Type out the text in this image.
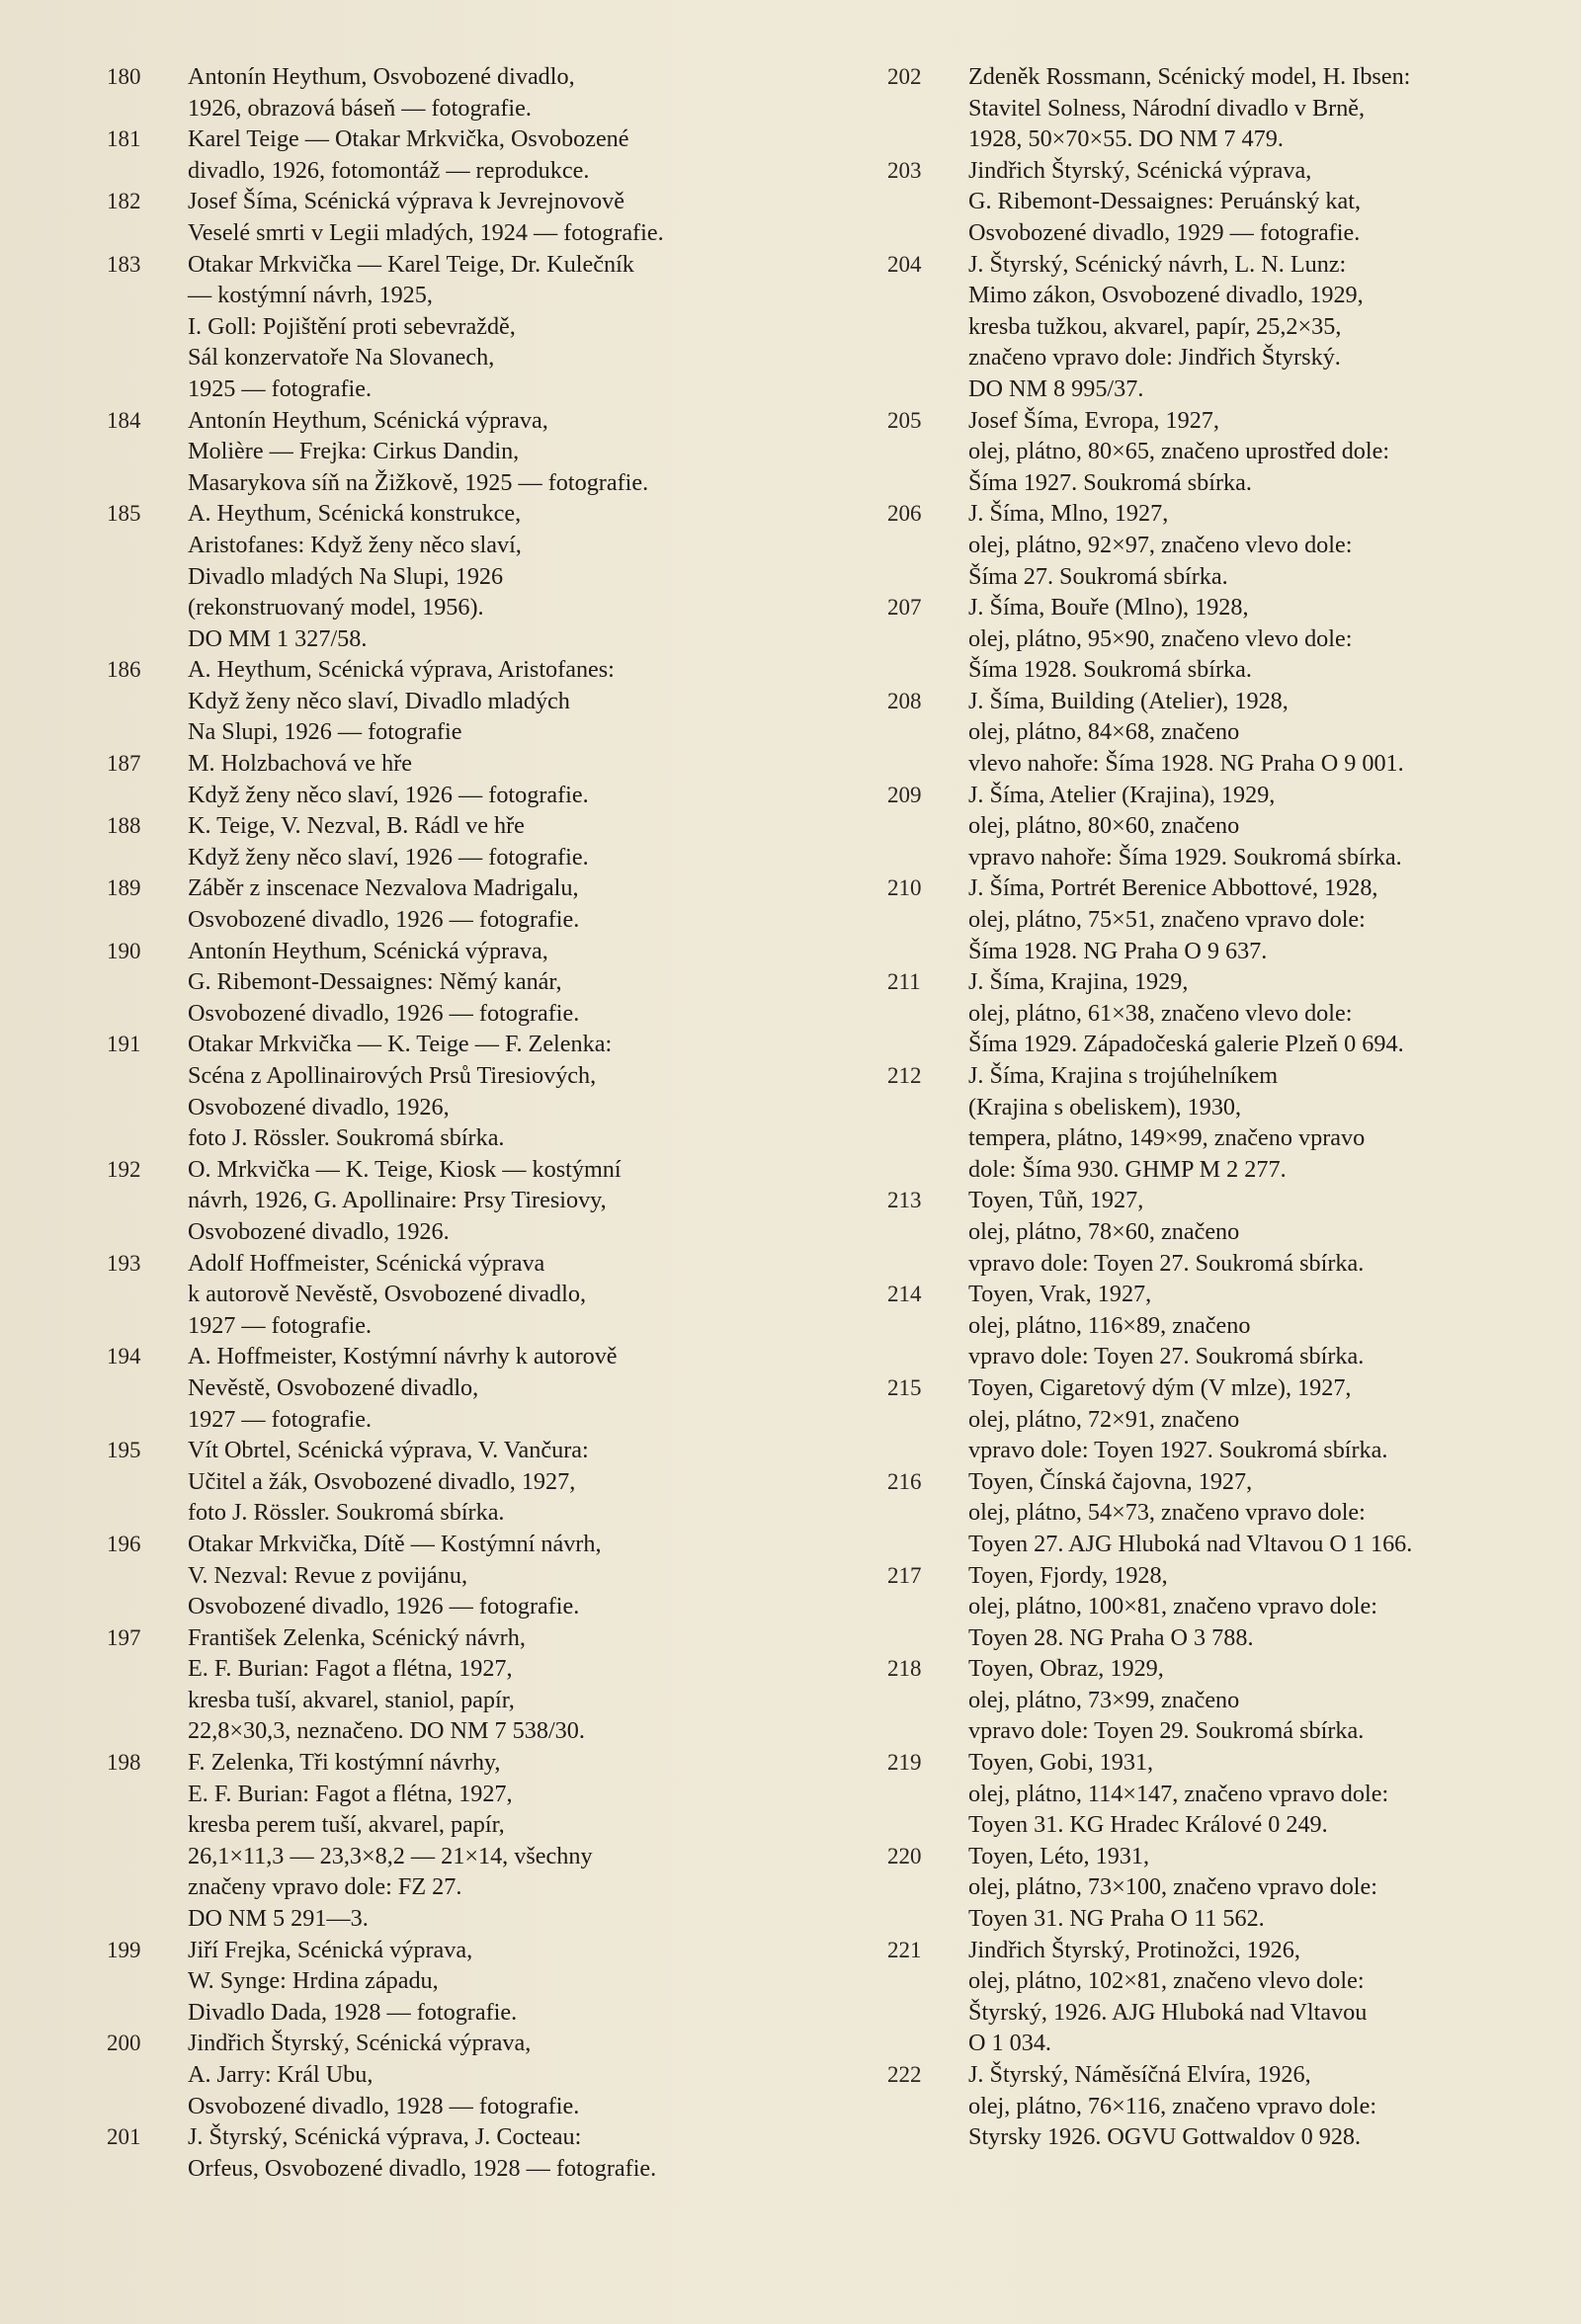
180	Antonín Heythum, Osvobozené divadlo,
1926, obrazová báseň — fotografie.
181	Karel Teige — Otakar Mrkvička, Osvobozené
divadlo, 1926, fotomontáž — reprodukce.
182	Josef Šíma, Scénická výprava k Jevrejnovově
Veselé smrti v Legii mladých, 1924 — fotografie.
183	Otakar Mrkvička — Karel Teige, Dr. Kulečník
— kostýmní návrh, 1925,
I. Goll: Pojištění proti sebevraždě,
Sál konzervatoře Na Slovanech,
1925 — fotografie.
184	Antonín Heythum, Scénická výprava,
Molière — Frejka: Cirkus Dandin,
Masarykova síň na Žižkově, 1925 — fotografie.
185	A. Heythum, Scénická konstrukce,
Aristofanes: Když ženy něco slaví,
Divadlo mladých Na Slupi, 1926
(rekonstruovaný model, 1956).
DO MM 1 327/58.
186	A. Heythum, Scénická výprava, Aristofanes:
Když ženy něco slaví, Divadlo mladých
Na Slupi, 1926 — fotografie
187	M. Holzbachová ve hře
Když ženy něco slaví, 1926 — fotografie.
188	K. Teige, V. Nezval, B. Rádl ve hře
Když ženy něco slaví, 1926 — fotografie.
189	Záběr z inscenace Nezvalova Madrigalu,
Osvobozené divadlo, 1926 — fotografie.
190	Antonín Heythum, Scénická výprava,
G. Ribemont-Dessaignes: Němý kanár,
Osvobozené divadlo, 1926 — fotografie.
191	Otakar Mrkvička — K. Teige — F. Zelenka:
Scéna z Apollinairových Prsů Tiresiových,
Osvobozené divadlo, 1926,
foto J. Rössler. Soukromá sbírka.
192	O. Mrkvička — K. Teige, Kiosk — kostýmní
návrh, 1926, G. Apollinaire: Prsy Tiresiovy,
Osvobozené divadlo, 1926.
193	Adolf Hoffmeister, Scénická výprava
k autorově Nevěstě, Osvobozené divadlo,
1927 — fotografie.
194	A. Hoffmeister, Kostýmní návrhy k autorově
Nevěstě, Osvobozené divadlo,
1927 — fotografie.
195	Vít Obrtel, Scénická výprava, V. Vančura:
Učitel a žák, Osvobozené divadlo, 1927,
foto J. Rössler. Soukromá sbírka.
196	Otakar Mrkvička, Dítě — Kostýmní návrh,
V. Nezval: Revue z povijánu,
Osvobozené divadlo, 1926 — fotografie.
197	František Zelenka, Scénický návrh,
E. F. Burian: Fagot a flétna, 1927,
kresba tuší, akvarel, staniol, papír,
22,8×30,3, neznačeno. DO NM 7 538/30.
198	F. Zelenka, Tři kostýmní návrhy,
E. F. Burian: Fagot a flétna, 1927,
kresba perem tuší, akvarel, papír,
26,1×11,3 — 23,3×8,2 — 21×14, všechny
značeny vpravo dole: FZ 27.
DO NM 5 291—3.
199	Jiří Frejka, Scénická výprava,
W. Synge: Hrdina západu,
Divadlo Dada, 1928 — fotografie.
200	Jindřich Štyrský, Scénická výprava,
A. Jarry: Král Ubu,
Osvobozené divadlo, 1928 — fotografie.
201	J. Štyrský, Scénická výprava, J. Cocteau:
Orfeus, Osvobozené divadlo, 1928 — fotografie.
202	Zdeněk Rossmann, Scénický model, H. Ibsen:
Stavitel Solness, Národní divadlo v Brně,
1928, 50×70×55. DO NM 7 479.
203	Jindřich Štyrský, Scénická výprava,
G. Ribemont-Dessaignes: Peruánský kat,
Osvobozené divadlo, 1929 — fotografie.
204	J. Štyrský, Scénický návrh, L. N. Lunz:
Mimo zákon, Osvobozené divadlo, 1929,
kresba tužkou, akvarel, papír, 25,2×35,
značeno vpravo dole: Jindřich Štyrský.
DO NM 8 995/37.
205	Josef Šíma, Evropa, 1927,
olej, plátno, 80×65, značeno uprostřed dole:
Šíma 1927. Soukromá sbírka.
206	J. Šíma, Mlno, 1927,
olej, plátno, 92×97, značeno vlevo dole:
Šíma 27. Soukromá sbírka.
207	J. Šíma, Bouře (Mlno), 1928,
olej, plátno, 95×90, značeno vlevo dole:
Šíma 1928. Soukromá sbírka.
208	J. Šíma, Building (Atelier), 1928,
olej, plátno, 84×68, značeno
vlevo nahoře: Šíma 1928. NG Praha O 9 001.
209	J. Šíma, Atelier (Krajina), 1929,
olej, plátno, 80×60, značeno
vpravo nahoře: Šíma 1929. Soukromá sbírka.
210	J. Šíma, Portrét Berenice Abbottové, 1928,
olej, plátno, 75×51, značeno vpravo dole:
Šíma 1928. NG Praha O 9 637.
211	J. Šíma, Krajina, 1929,
olej, plátno, 61×38, značeno vlevo dole:
Šíma 1929. Západočeská galerie Plzeň 0 694.
212	J. Šíma, Krajina s trojúhelníkem
(Krajina s obeliskem), 1930,
tempera, plátno, 149×99, značeno vpravo
dole: Šíma 930. GHMP M 2 277.
213	Toyen, Tůň, 1927,
olej, plátno, 78×60, značeno
vpravo dole: Toyen 27. Soukromá sbírka.
214	Toyen, Vrak, 1927,
olej, plátno, 116×89, značeno
vpravo dole: Toyen 27. Soukromá sbírka.
215	Toyen, Cigaretový dým (V mlze), 1927,
olej, plátno, 72×91, značeno
vpravo dole: Toyen 1927. Soukromá sbírka.
216	Toyen, Čínská čajovna, 1927,
olej, plátno, 54×73, značeno vpravo dole:
Toyen 27. AJG Hluboká nad Vltavou O 1 166.
217	Toyen, Fjordy, 1928,
olej, plátno, 100×81, značeno vpravo dole:
Toyen 28. NG Praha O 3 788.
218	Toyen, Obraz, 1929,
olej, plátno, 73×99, značeno
vpravo dole: Toyen 29. Soukromá sbírka.
219	Toyen, Gobi, 1931,
olej, plátno, 114×147, značeno vpravo dole:
Toyen 31. KG Hradec Králové 0 249.
220	Toyen, Léto, 1931,
olej, plátno, 73×100, značeno vpravo dole:
Toyen 31. NG Praha O 11 562.
221	Jindřich Štyrský, Protinožci, 1926,
olej, plátno, 102×81, značeno vlevo dole:
Štyrský, 1926. AJG Hluboká nad Vltavou
O 1 034.
222	J. Štyrský, Náměsíčná Elvíra, 1926,
olej, plátno, 76×116, značeno vpravo dole:
Styrsky 1926. OGVU Gottwaldov 0 928.
